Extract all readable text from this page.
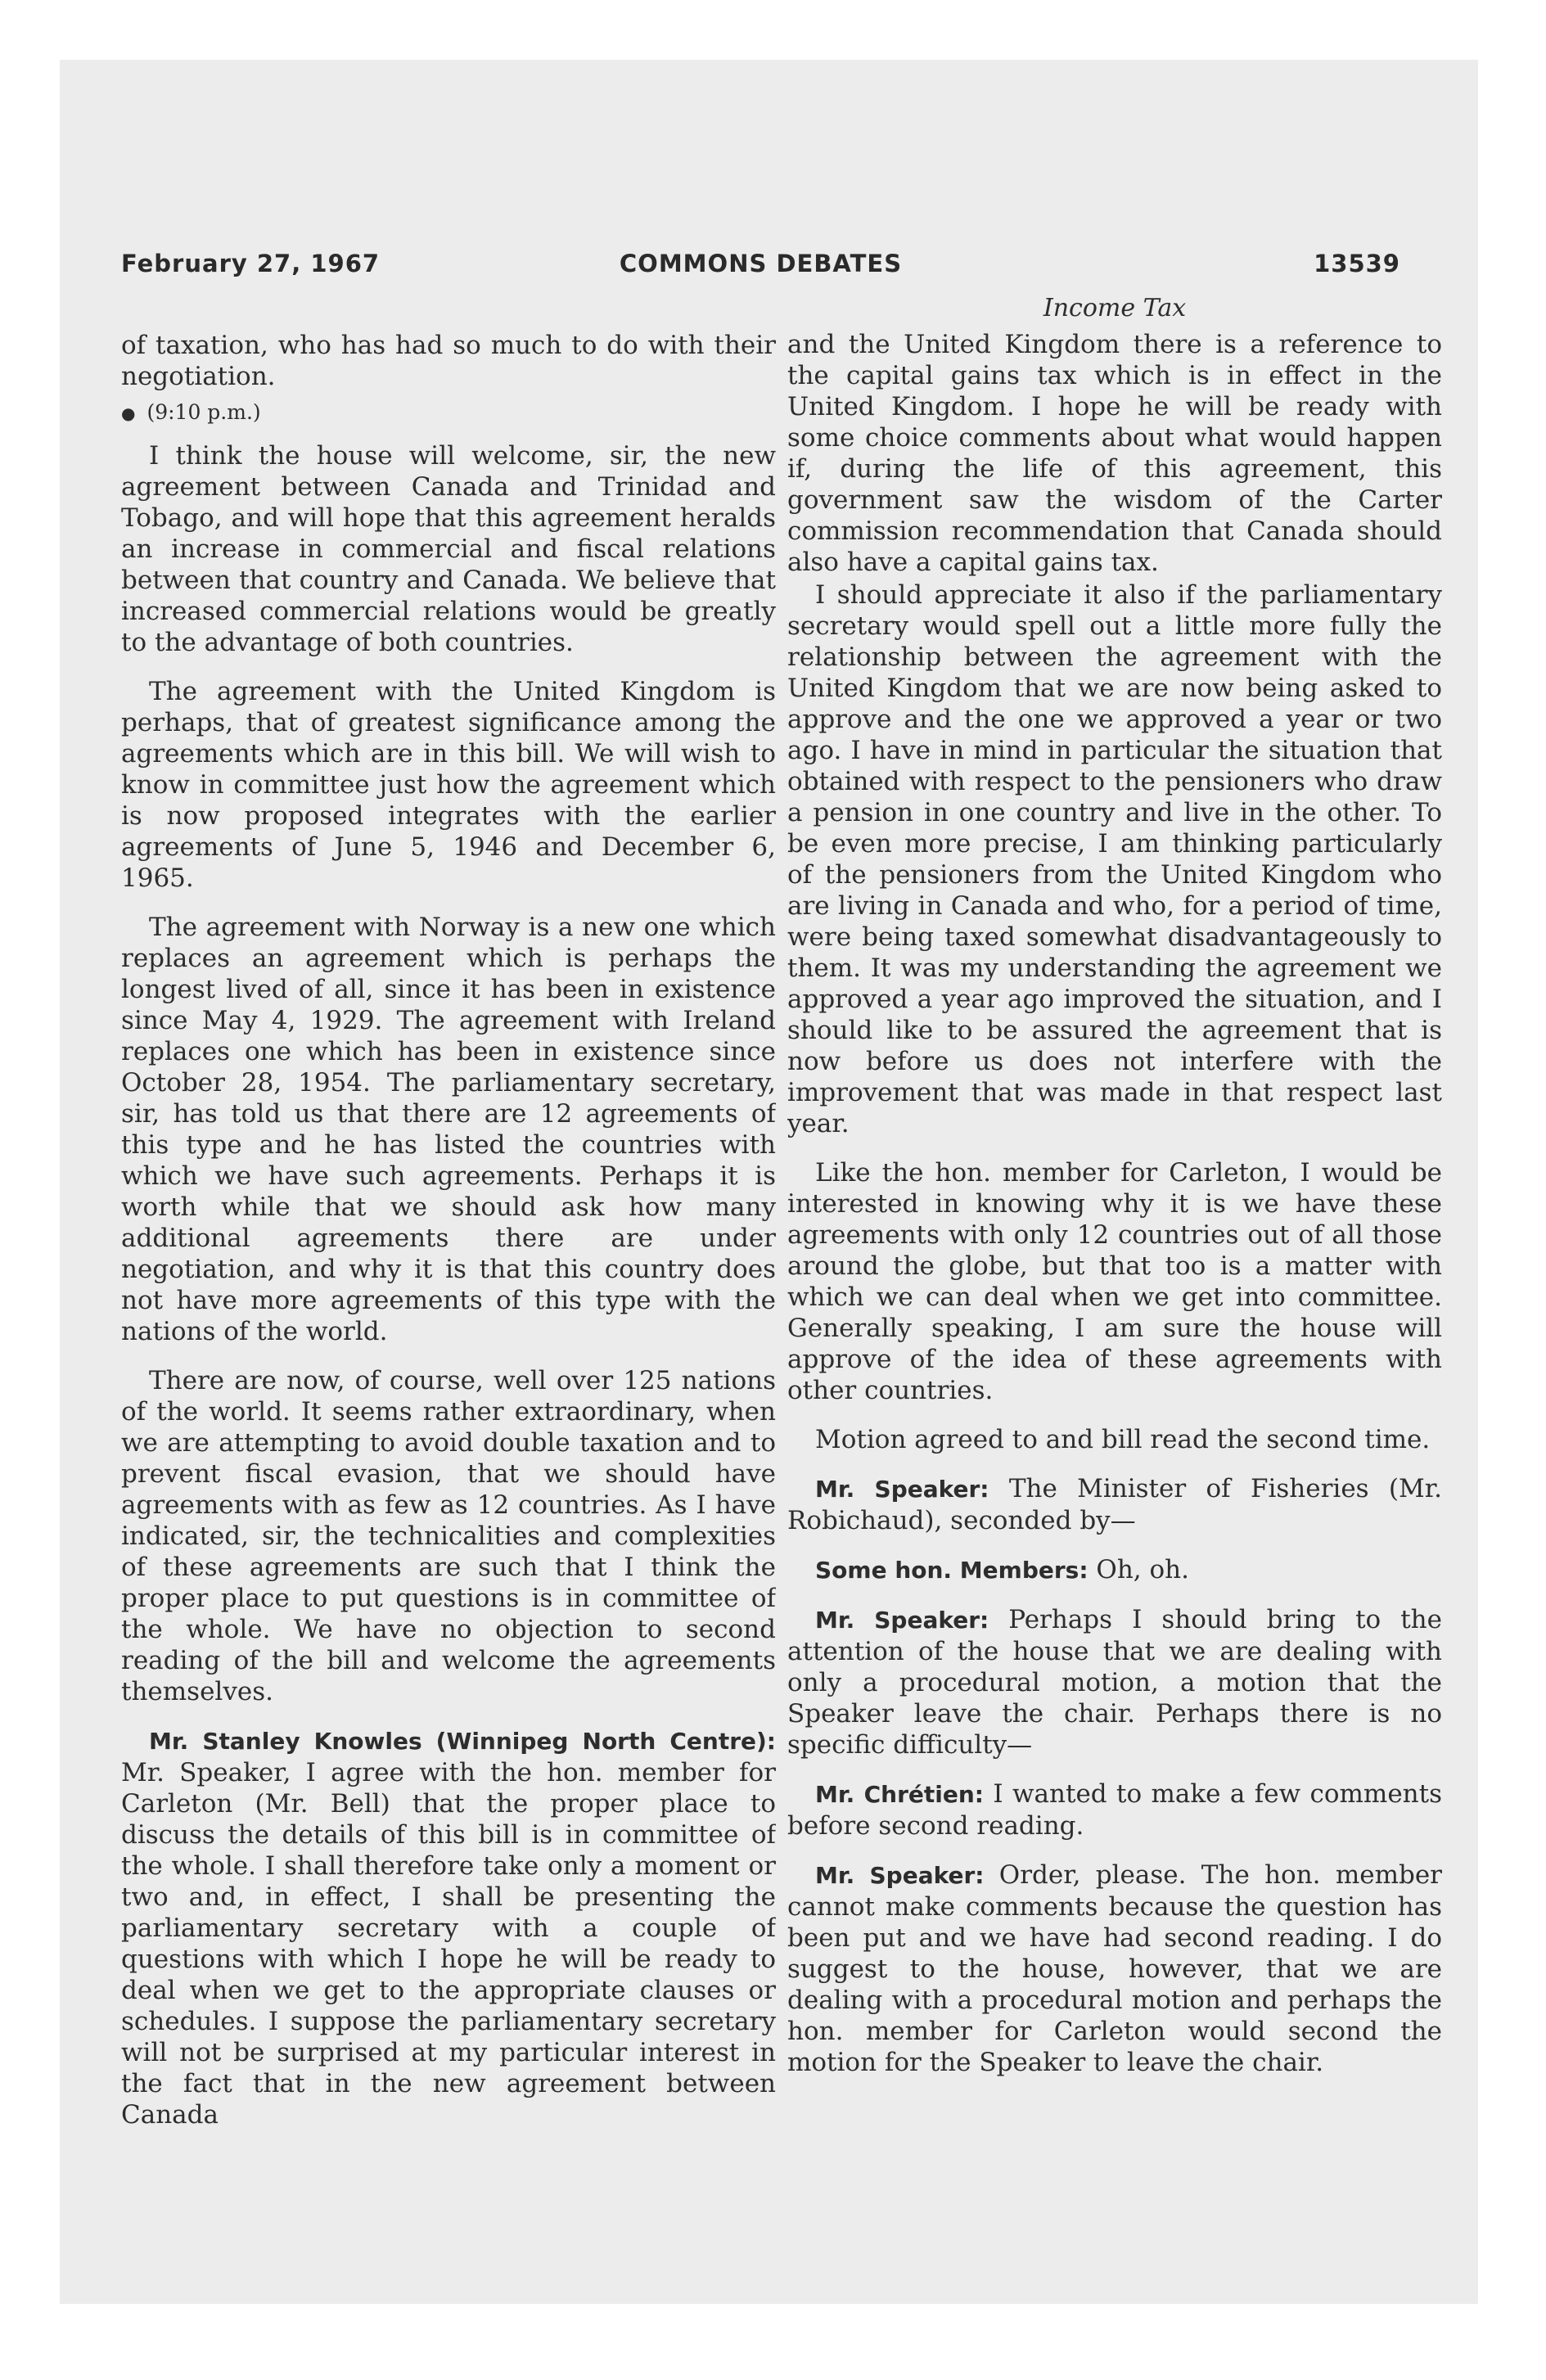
February 27, 1967	COMMONS DEBATES	13539

of taxation, who has had so much to do with their negotiation.

● (9:10 p.m.)

I think the house will welcome, sir, the new agreement between Canada and Trinidad and Tobago, and will hope that this agreement heralds an increase in commercial and fiscal relations between that country and Canada. We believe that increased commercial relations would be greatly to the advantage of both countries.

The agreement with the United Kingdom is perhaps, that of greatest significance among the agreements which are in this bill. We will wish to know in committee just how the agreement which is now proposed integrates with the earlier agreements of June 5, 1946 and December 6, 1965.

The agreement with Norway is a new one which replaces an agreement which is perhaps the longest lived of all, since it has been in existence since May 4, 1929. The agreement with Ireland replaces one which has been in existence since October 28, 1954. The parliamentary secretary, sir, has told us that there are 12 agreements of this type and he has listed the countries with which we have such agreements. Perhaps it is worth while that we should ask how many additional agreements there are under negotiation, and why it is that this country does not have more agreements of this type with the nations of the world.

There are now, of course, well over 125 nations of the world. It seems rather extraordinary, when we are attempting to avoid double taxation and to prevent fiscal evasion, that we should have agreements with as few as 12 countries. As I have indicated, sir, the technicalities and complexities of these agreements are such that I think the proper place to put questions is in committee of the whole. We have no objection to second reading of the bill and welcome the agreements themselves.

Mr. Stanley Knowles (Winnipeg North Centre): Mr. Speaker, I agree with the hon. member for Carleton (Mr. Bell) that the proper place to discuss the details of this bill is in committee of the whole. I shall therefore take only a moment or two and, in effect, I shall be presenting the parliamentary secretary with a couple of questions with which I hope he will be ready to deal when we get to the appropriate clauses or schedules. I suppose the parliamentary secretary will not be surprised at my particular interest in the fact that in the new agreement between Canada

Income Tax

and the United Kingdom there is a reference to the capital gains tax which is in effect in the United Kingdom. I hope he will be ready with some choice comments about what would happen if, during the life of this agreement, this government saw the wisdom of the Carter commission recommendation that Canada should also have a capital gains tax.

I should appreciate it also if the parliamentary secretary would spell out a little more fully the relationship between the agreement with the United Kingdom that we are now being asked to approve and the one we approved a year or two ago. I have in mind in particular the situation that obtained with respect to the pensioners who draw a pension in one country and live in the other. To be even more precise, I am thinking particularly of the pensioners from the United Kingdom who are living in Canada and who, for a period of time, were being taxed somewhat disadvantageously to them. It was my understanding the agreement we approved a year ago improved the situation, and I should like to be assured the agreement that is now before us does not interfere with the improvement that was made in that respect last year.

Like the hon. member for Carleton, I would be interested in knowing why it is we have these agreements with only 12 countries out of all those around the globe, but that too is a matter with which we can deal when we get into committee. Generally speaking, I am sure the house will approve of the idea of these agreements with other countries.

Motion agreed to and bill read the second time.

Mr. Speaker: The Minister of Fisheries (Mr. Robichaud), seconded by—

Some hon. Members: Oh, oh.

Mr. Speaker: Perhaps I should bring to the attention of the house that we are dealing with only a procedural motion, a motion that the Speaker leave the chair. Perhaps there is no specific difficulty—

Mr. Chrétien: I wanted to make a few comments before second reading.

Mr. Speaker: Order, please. The hon. member cannot make comments because the question has been put and we have had second reading. I do suggest to the house, however, that we are dealing with a procedural motion and perhaps the hon. member for Carleton would second the motion for the Speaker to leave the chair.
